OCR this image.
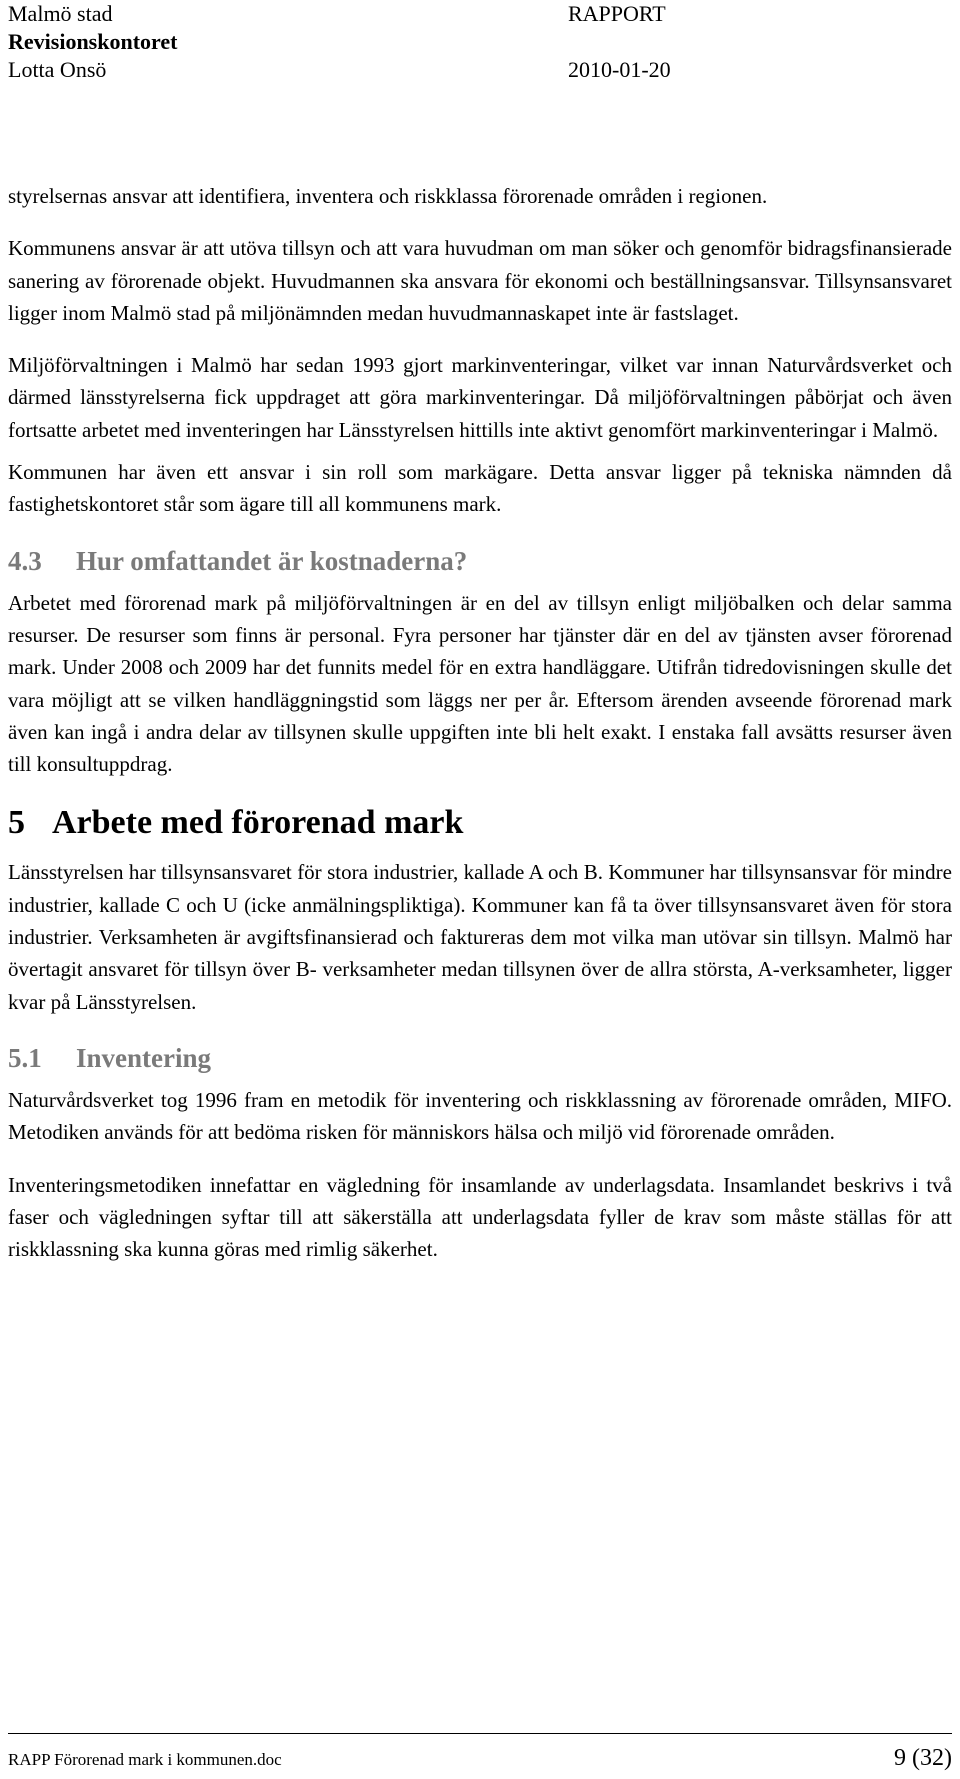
Malmö stad	RAPPORT
Revisionskontoret
Lotta Onsö	2010-01-20

styrelsernas ansvar att identifiera, inventera och riskklassa förorenade områden i regionen.

Kommunens ansvar är att utöva tillsyn och att vara huvudman om man söker och genomför bidragsfinansierade sanering av förorenade objekt. Huvudmannen ska ansvara för ekonomi och beställningsansvar. Tillsynsansvaret ligger inom Malmö stad på miljönämnden medan huvudmannaskapet inte är fastslaget.

Miljöförvaltningen i Malmö har sedan 1993 gjort markinventeringar, vilket var innan Naturvårdsverket och därmed länsstyrelserna fick uppdraget att göra markinventeringar. Då miljöförvaltningen påbörjat och även fortsatte arbetet med inventeringen har Länsstyrelsen hittills inte aktivt genomfört markinventeringar i Malmö.

Kommunen har även ett ansvar i sin roll som markägare. Detta ansvar ligger på tekniska nämnden då fastighetskontoret står som ägare till all kommunens mark.

4.3 Hur omfattandet är kostnaderna?

Arbetet med förorenad mark på miljöförvaltningen är en del av tillsyn enligt miljöbalken och delar samma resurser. De resurser som finns är personal. Fyra personer har tjänster där en del av tjänsten avser förorenad mark. Under 2008 och 2009 har det funnits medel för en extra handläggare. Utifrån tidredovisningen skulle det vara möjligt att se vilken handläggningstid som läggs ner per år. Eftersom ärenden avseende förorenad mark även kan ingå i andra delar av tillsynen skulle uppgiften inte bli helt exakt. I enstaka fall avsätts resurser även till konsultuppdrag.

5 Arbete med förorenad mark

Länsstyrelsen har tillsynsansvaret för stora industrier, kallade A och B. Kommuner har tillsynsansvar för mindre industrier, kallade C och U (icke anmälningspliktiga). Kommuner kan få ta över tillsynsansvaret även för stora industrier. Verksamheten är avgiftsfinansierad och faktureras dem mot vilka man utövar sin tillsyn. Malmö har övertagit ansvaret för tillsyn över B- verksamheter medan tillsynen över de allra största, A-verksamheter, ligger kvar på Länsstyrelsen.

5.1 Inventering

Naturvårdsverket tog 1996 fram en metodik för inventering och riskklassning av förorenade områden, MIFO. Metodiken används för att bedöma risken för människors hälsa och miljö vid förorenade områden.

Inventeringsmetodiken innefattar en vägledning för insamlande av underlagsdata. Insamlandet beskrivs i två faser och vägledningen syftar till att säkerställa att underlagsdata fyller de krav som måste ställas för att riskklassning ska kunna göras med rimlig säkerhet.

RAPP Förorenad mark i kommunen.doc	9 (32)
